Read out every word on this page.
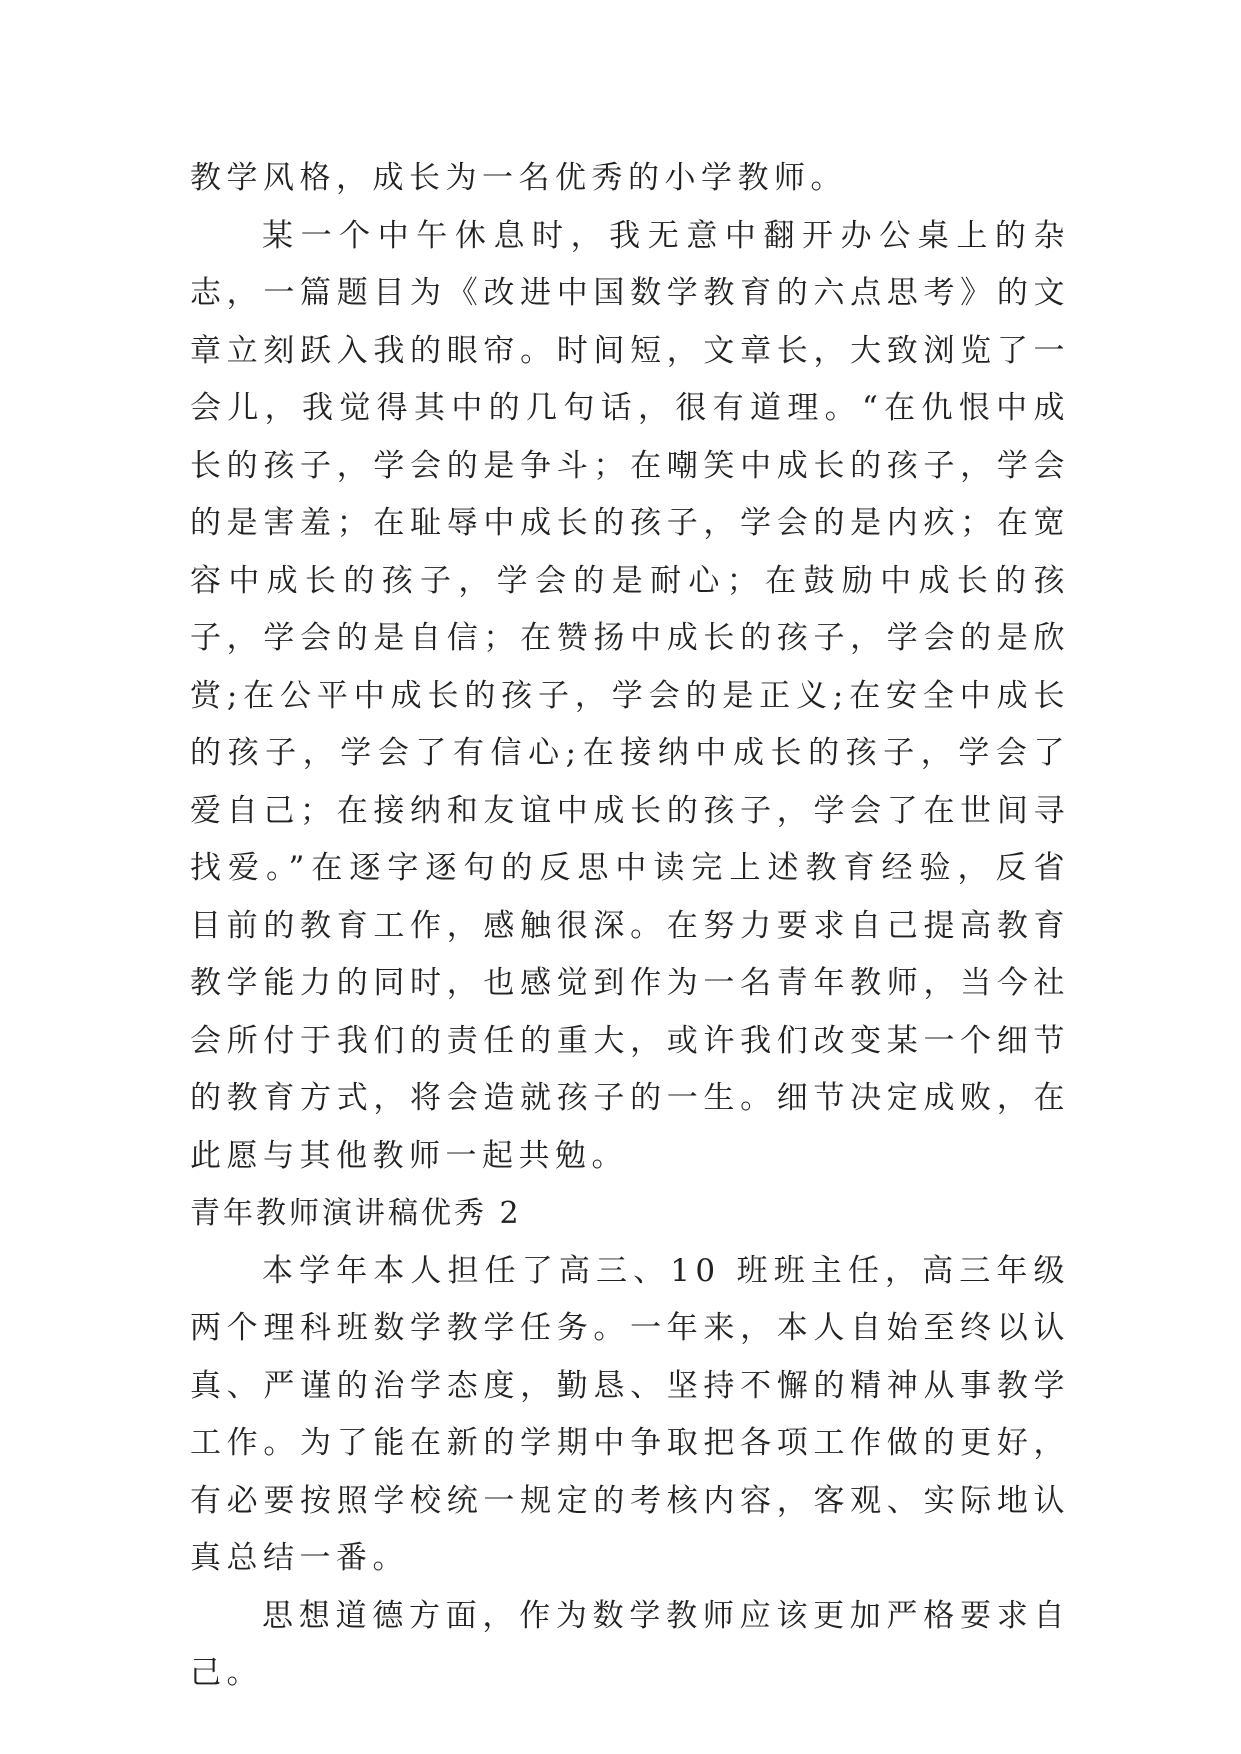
教学风格，成长为一名优秀的小学教师。

某一个中午休息时，我无意中翻开办公桌上的杂志，一篇题目为《改进中国数学教育的六点思考》的文章立刻跃入我的眼帘。时间短，文章长，大致浏览了一会儿，我觉得其中的几句话，很有道理。“在仇恨中成长的孩子，学会的是争斗；在嘲笑中成长的孩子，学会的是害羞；在耻辱中成长的孩子，学会的是内疚；在宽容中成长的孩子，学会的是耐心；在鼓励中成长的孩子，学会的是自信；在赞扬中成长的孩子，学会的是欣赏;在公平中成长的孩子，学会的是正义;在安全中成长的孩子，学会了有信心;在接纳中成长的孩子，学会了爱自己；在接纳和友谊中成长的孩子，学会了在世间寻找爱。”在逐字逐句的反思中读完上述教育经验，反省目前的教育工作，感触很深。在努力要求自己提高教育教学能力的同时，也感觉到作为一名青年教师，当今社会所付于我们的责任的重大，或许我们改变某一个细节的教育方式，将会造就孩子的一生。细节决定成败，在此愿与其他教师一起共勉。

青年教师演讲稿优秀 2

本学年本人担任了高三、10 班班主任，高三年级两个理科班数学教学任务。一年来，本人自始至终以认真、严谨的治学态度，勤恳、坚持不懈的精神从事教学工作。为了能在新的学期中争取把各项工作做的更好，有必要按照学校统一规定的考核内容，客观、实际地认真总结一番。

思想道德方面，作为数学教师应该更加严格要求自己。
